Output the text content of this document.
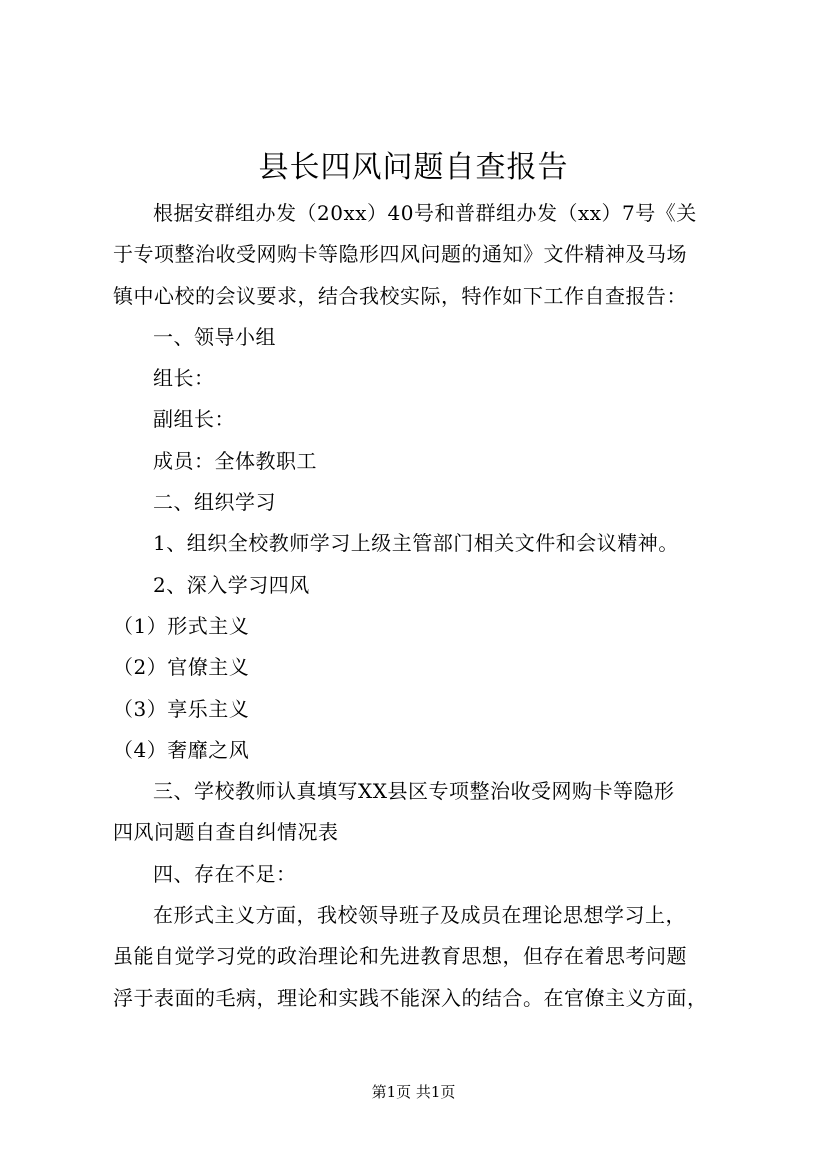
县长四风问题自查报告

根据安群组办发（20xx）40号和普群组办发（xx）7号《关
于专项整治收受网购卡等隐形四风问题的通知》文件精神及马场
镇中心校的会议要求，结合我校实际，特作如下工作自查报告：

一、领导小组

组长：

副组长：

成员：全体教职工

二、组织学习

1、组织全校教师学习上级主管部门相关文件和会议精神。

2、深入学习四风

（1）形式主义

（2）官僚主义

（3）享乐主义

（4）奢靡之风

三、学校教师认真填写XX县区专项整治收受网购卡等隐形
四风问题自查自纠情况表

四、存在不足：

在形式主义方面，我校领导班子及成员在理论思想学习上，
虽能自觉学习党的政治理论和先进教育思想，但存在着思考问题
浮于表面的毛病，理论和实践不能深入的结合。在官僚主义方面，

第1页 共1页
